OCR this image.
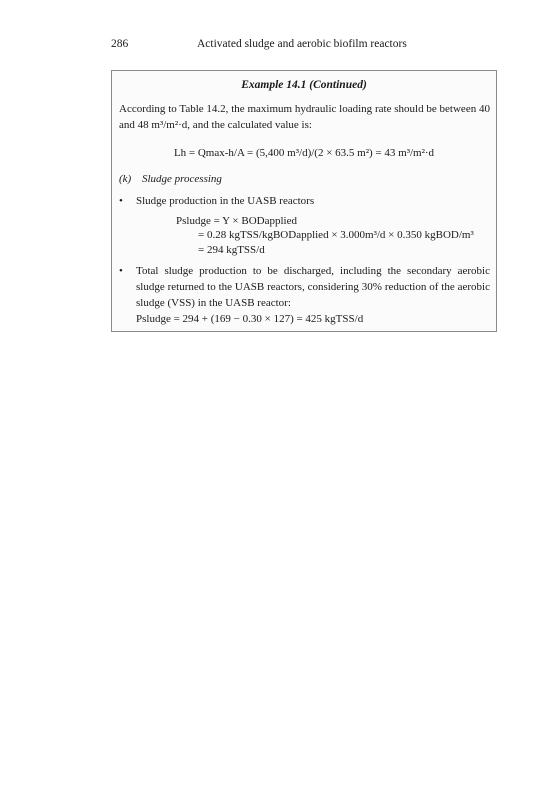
286	Activated sludge and aerobic biofilm reactors
Example 14.1 (Continued)
According to Table 14.2, the maximum hydraulic loading rate should be between 40 and 48 m³/m²·d, and the calculated value is:
Lh = Qmax-h/A = (5,400 m³/d)/(2 × 63.5 m²) = 43 m³/m²·d
(k) Sludge processing
• Sludge production in the UASB reactors
Psludge = Y × BODapplied
= 0.28 kgTSS/kgBODapplied × 3.000m³/d × 0.350 kgBOD/m³
= 294 kgTSS/d
• Total sludge production to be discharged, including the secondary aerobic sludge returned to the UASB reactors, considering 30% reduction of the aerobic sludge (VSS) in the UASB reactor:
Psludge = 294 + (169 − 0.30 × 127) = 425 kgTSS/d
